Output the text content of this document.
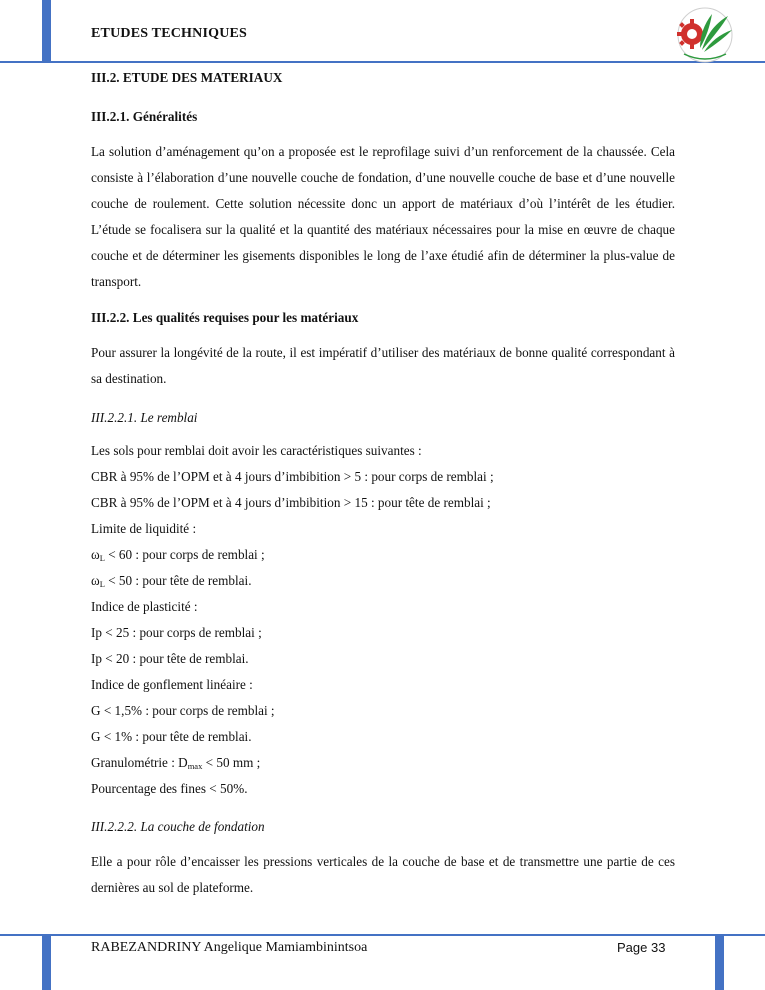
ETUDES TECHNIQUES

III.2. ETUDE DES MATERIAUX

III.2.1. Généralités

La solution d’aménagement qu’on a proposée est le reprofilage suivi d’un renforcement de la chaussée. Cela consiste à l’élaboration d’une nouvelle couche de fondation, d’une nouvelle couche de base et d’une nouvelle couche de roulement. Cette solution nécessite donc un apport de matériaux d’où l’intérêt de les étudier. L’étude se focalisera sur la qualité et la quantité des matériaux nécessaires pour la mise en œuvre de chaque couche et de déterminer les gisements disponibles le long de l’axe étudié afin de déterminer la plus-value de transport.

III.2.2. Les qualités requises pour les matériaux

Pour assurer la longévité de la route, il est impératif d’utiliser des matériaux de bonne qualité correspondant à sa destination.

III.2.2.1. Le remblai

Les sols pour remblai doit avoir les caractéristiques suivantes :

CBR à 95% de l’OPM et à 4 jours d’imbibition > 5 : pour corps de remblai ;

CBR à 95% de l’OPM et à 4 jours d’imbibition > 15 : pour tête de remblai ;

Limite de liquidité :

$\omega_L < 60$ : pour corps de remblai ;

$\omega_L < 50$ : pour tête de remblai.

Indice de plasticité :

Ip < 25 : pour corps de remblai ;

Ip < 20 : pour tête de remblai.

Indice de gonflement linéaire :

G < 1,5% : pour corps de remblai ;

G < 1% : pour tête de remblai.

Granulométrie : $D_{max} < 50$ mm ;

Pourcentage des fines < 50%.

III.2.2.2. La couche de fondation

Elle a pour rôle d’encaisser les pressions verticales de la couche de base et de transmettre une partie de ces dernières au sol de plateforme.

RABEZANDRINY Angelique Mamiambinintsoa	Page 33
